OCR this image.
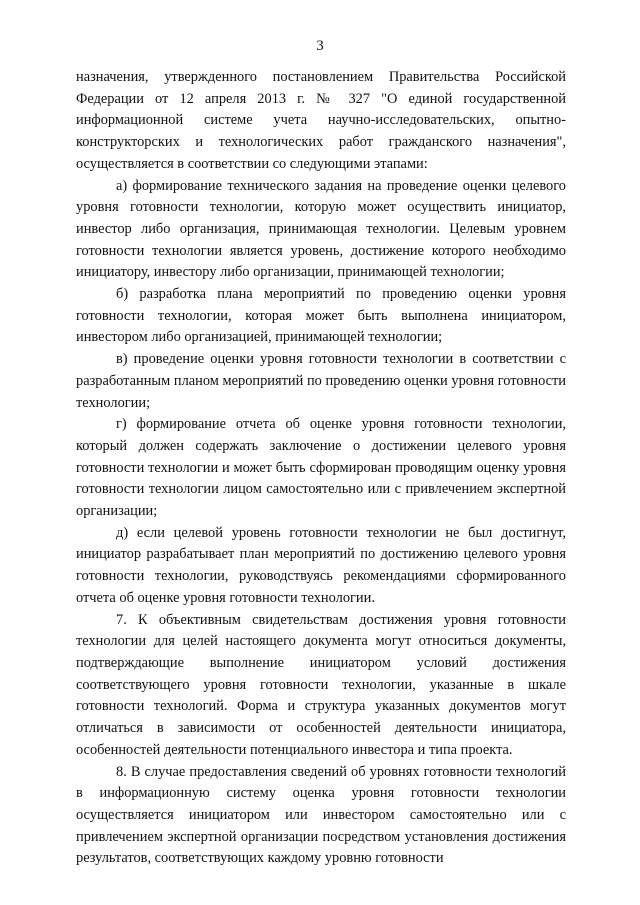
3

назначения, утвержденного постановлением Правительства Российской Федерации от 12 апреля 2013 г. № 327 "О единой государственной информационной системе учета научно-исследовательских, опытно-конструкторских и технологических работ гражданского назначения", осуществляется в соответствии со следующими этапами:

а) формирование технического задания на проведение оценки целевого уровня готовности технологии, которую может осуществить инициатор, инвестор либо организация, принимающая технологии. Целевым уровнем готовности технологии является уровень, достижение которого необходимо инициатору, инвестору либо организации, принимающей технологии;

б) разработка плана мероприятий по проведению оценки уровня готовности технологии, которая может быть выполнена инициатором, инвестором либо организацией, принимающей технологии;

в) проведение оценки уровня готовности технологии в соответствии с разработанным планом мероприятий по проведению оценки уровня готовности технологии;

г) формирование отчета об оценке уровня готовности технологии, который должен содержать заключение о достижении целевого уровня готовности технологии и может быть сформирован проводящим оценку уровня готовности технологии лицом самостоятельно или с привлечением экспертной организации;

д) если целевой уровень готовности технологии не был достигнут, инициатор разрабатывает план мероприятий по достижению целевого уровня готовности технологии, руководствуясь рекомендациями сформированного отчета об оценке уровня готовности технологии.

7. К объективным свидетельствам достижения уровня готовности технологии для целей настоящего документа могут относиться документы, подтверждающие выполнение инициатором условий достижения соответствующего уровня готовности технологии, указанные в шкале готовности технологий. Форма и структура указанных документов могут отличаться в зависимости от особенностей деятельности инициатора, особенностей деятельности потенциального инвестора и типа проекта.

8. В случае предоставления сведений об уровнях готовности технологий в информационную систему оценка уровня готовности технологии осуществляется инициатором или инвестором самостоятельно или с привлечением экспертной организации посредством установления достижения результатов, соответствующих каждому уровню готовности
